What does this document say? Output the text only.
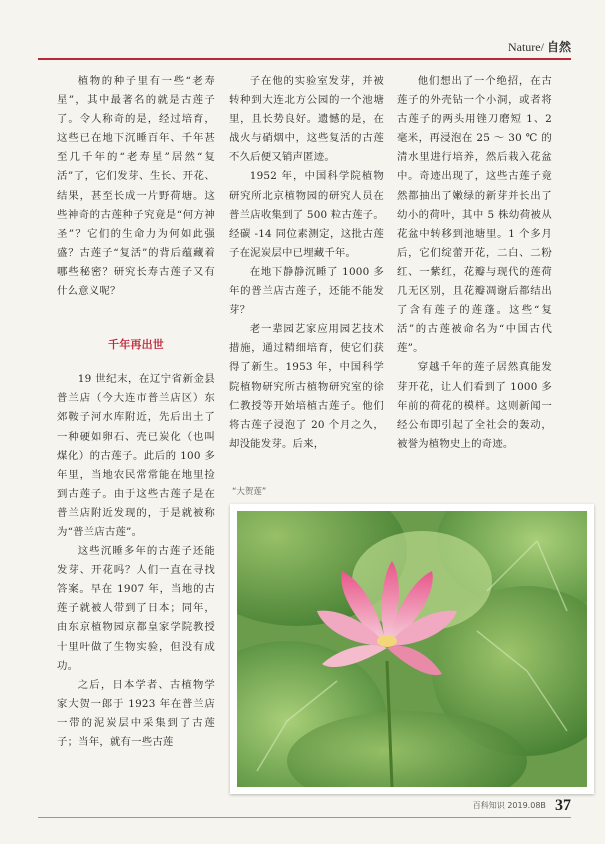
Nature/ 自然

植物的种子里有一些“老寿星”，其中最著名的就是古莲子了。令人称奇的是，经过培育，这些已在地下沉睡百年、千年甚至几千年的“老寿星”居然“复活”了，它们发芽、生长、开花、结果，甚至长成一片野荷塘。这些神奇的古莲种子究竟是“何方神圣”？它们的生命力为何如此强盛？古莲子“复活”的背后蕴藏着哪些秘密？研究长寿古莲子又有什么意义呢？

千年再出世

19 世纪末，在辽宁省新金县普兰店（今大连市普兰店区）东郊鞍子河水库附近，先后出土了一种硬如卵石、壳已炭化（也叫煤化）的古莲子。此后的 100 多年里，当地农民常常能在地里捡到古莲子。由于这些古莲子是在普兰店附近发现的，于是就被称为“普兰店古莲”。

这些沉睡多年的古莲子还能发芽、开花吗？人们一直在寻找答案。早在 1907 年，当地的古莲子就被人带到了日本；同年，由东京植物园京都皇家学院教授十里叶做了生物实验，但没有成功。

之后，日本学者、古植物学家大贺一郎于 1923 年在普兰店一带的泥炭层中采集到了古莲子；当年，就有一些古莲

子在他的实验室发芽，并被转种到大连北方公园的一个池塘里，且长势良好。遗憾的是，在战火与硝烟中，这些复活的古莲不久后便又销声匿迹。

1952 年，中国科学院植物研究所北京植物园的研究人员在普兰店收集到了 500 粒古莲子。经碳 -14 同位素测定，这批古莲子在泥炭层中已埋藏千年。

在地下静静沉睡了 1000 多年的普兰店古莲子，还能不能发芽？

老一辈园艺家应用园艺技术措施，通过精细培育，使它们获得了新生。1953 年，中国科学院植物研究所古植物研究室的徐仁教授等开始培植古莲子。他们将古莲子浸泡了 20 个月之久，却没能发芽。后来，

他们想出了一个绝招，在古莲子的外壳钻一个小洞，或者将古莲子的两头用锉刀磨短 1、2 毫米，再浸泡在 25 ～ 30 ℃ 的清水里进行培养，然后栽入花盆中。奇迹出现了，这些古莲子竟然都抽出了嫩绿的新芽并长出了幼小的荷叶，其中 5 株幼荷被从花盆中转移到池塘里。1 个多月后，它们绽蕾开花，二白、二粉红、一紫红，花瓣与现代的莲荷几无区别，且花瓣凋谢后都结出了含有莲子的莲蓬。这些“复活”的古莲被命名为“中国古代莲”。

穿越千年的莲子居然真能发芽开花，让人们看到了 1000 多年前的荷花的模样。这则新闻一经公布即引起了全社会的轰动，被誉为植物史上的奇迹。

“大贺莲”
百科知识 2019.08B 37
